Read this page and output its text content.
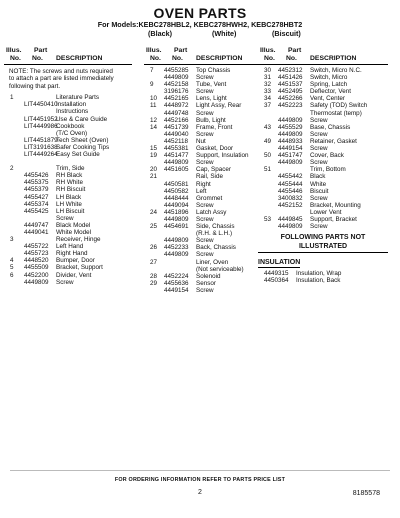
OVEN PARTS
For Models:KEBC278HBL2, KEBC278HWH2, KEBC278HBT2
(Black)	(White)	(Biscuit)
Illus.
No.
Part
No. DESCRIPTION
NOTE: The screws and nuts required to attach a part are listed immediately following that part.
1	Literature Parts
LIT4450410
Installation
Instructions
LIT4451952
Use & Care Guide
LIT4449986
Cookbook
(T/C Oven)
LIT4451879
Tech Sheet (Oven)
LIT3191638
Safer Cooking Tips
LIT4449264
Easy Set Guide
2	Trim, Side
4455426 RH Black
4455375 RH White
4455379 RH Biscuit
4455427 LH Black
4455374 LH White
4455425 LH Biscuit
Screw
4449747 Black Model
4449041 White Model
3	Receiver, Hinge
4455722 Left Hand
4455723 Right Hand
4 4448520 Bumper, Door
5 4455509 Bracket, Support
6 4452200 Divider, Vent
4449809 Screw
Illus.
No.
Part
No. DESCRIPTION
7 4455285 Top Chassis
4449809 Screw
9 4452158 Tube, Vent
3196176 Screw
10 4452165 Lens, Light
11 4448972 Light Assy, Rear
4449748 Screw
12 4452166 Bulb, Light
14 4451739 Frame, Front
4449040 Screw
4452118 Nut
15 4455381 Gasket, Door
19 4451477 Support, Insulation
4449809 Screw
20 4451605 Cap, Spacer
21	Rail, Side
4450581 Right
4450582 Left
4448444 Grommet
4449094 Screw
24 4451896 Latch Assy
4449809 Screw
25 4454691 Side, Chassis
(R.H. & L.H.)
4449809 Screw
26 4452233 Back, Chassis
4449809 Screw
27	Liner, Oven
(Not serviceable)
28 4452224 Solenoid
29 4455636 Sensor
4449154 Screw
Illus.
No.
Part
No. DESCRIPTION
30 4452312 Switch, Micro N.C.
31 4451426 Switch, Micro
32 4451537 Spring, Latch
33 4452495 Deflector, Vent
34 4452266 Vent, Center
37 4452223 Safety (TOD) Switch
Thermostat (temp)
4449809 Screw
43 4455529 Base, Chassis
4449809 Screw
49 4448933 Retainer, Gasket
4449154 Screw
50 4451747 Cover, Back
4449809 Screw
51	Trim, Bottom
4455442 Black
4455444 White
4455446 Biscuit
3400832 Screw
4452152 Bracket, Mounting
Lower Vent
53 4449845 Support, Bracket
4449809 Screw
FOLLOWING PARTS NOT ILLUSTRATED
INSULATION
4449315 Insulation, Wrap
4450364 Insulation, Back
FOR ORDERING INFORMATION REFER TO PARTS PRICE LIST
2	8185578
